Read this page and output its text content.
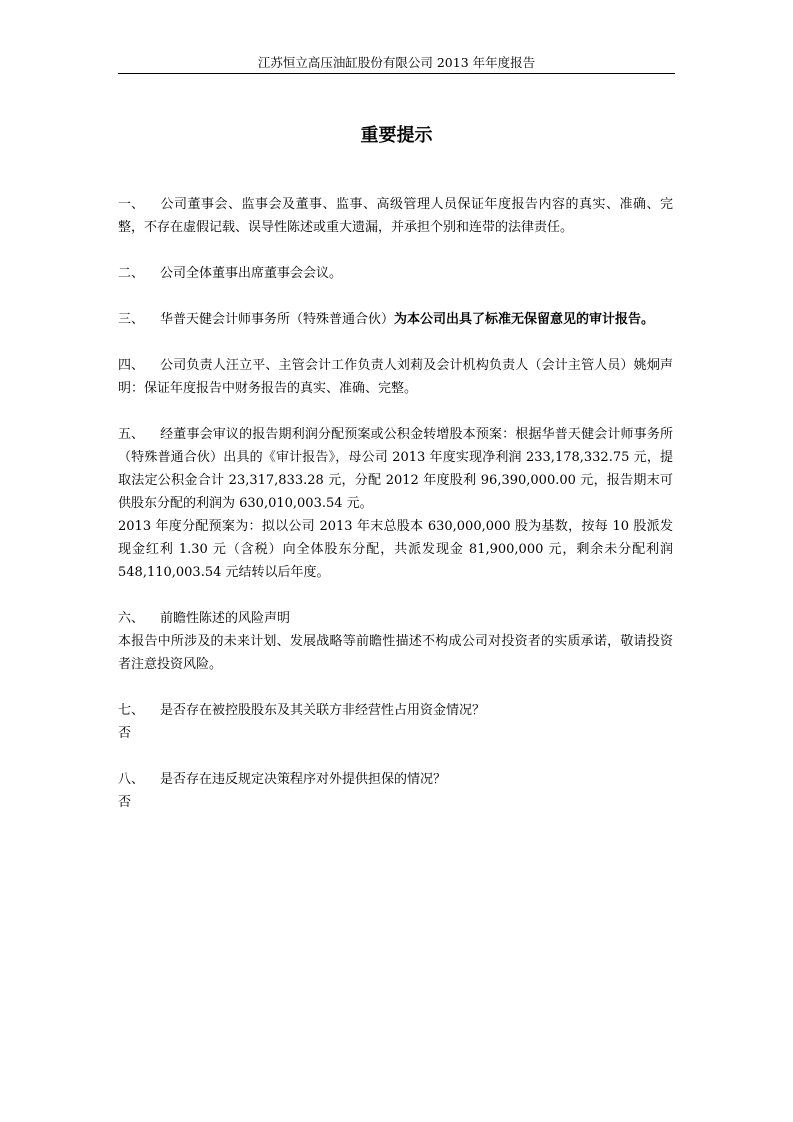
江苏恒立高压油缸股份有限公司 2013 年年度报告
重要提示

一、 公司董事会、监事会及董事、监事、高级管理人员保证年度报告内容的真实、准确、完整，不存在虚假记载、误导性陈述或重大遗漏，并承担个别和连带的法律责任。

二、 公司全体董事出席董事会会议。

三、 华普天健会计师事务所（特殊普通合伙）为本公司出具了标准无保留意见的审计报告。

四、 公司负责人汪立平、主管会计工作负责人刘莉及会计机构负责人（会计主管人员）姚炯声明：保证年度报告中财务报告的真实、准确、完整。

五、 经董事会审议的报告期利润分配预案或公积金转增股本预案：根据华普天健会计师事务所（特殊普通合伙）出具的《审计报告》，母公司 2013 年度实现净利润 233,178,332.75 元，提取法定公积金合计 23,317,833.28 元，分配 2012 年度股利 96,390,000.00 元，报告期末可供股东分配的利润为 630,010,003.54 元。

2013 年度分配预案为：拟以公司 2013 年末总股本 630,000,000 股为基数，按每 10 股派发现金红利 1.30 元（含税）向全体股东分配，共派发现金 81,900,000 元，剩余未分配利润 548,110,003.54 元结转以后年度。

六、 前瞻性陈述的风险声明

本报告中所涉及的未来计划、发展战略等前瞻性描述不构成公司对投资者的实质承诺，敬请投资者注意投资风险。

七、 是否存在被控股股东及其关联方非经营性占用资金情况？

否

八、 是否存在违反规定决策程序对外提供担保的情况？

否
